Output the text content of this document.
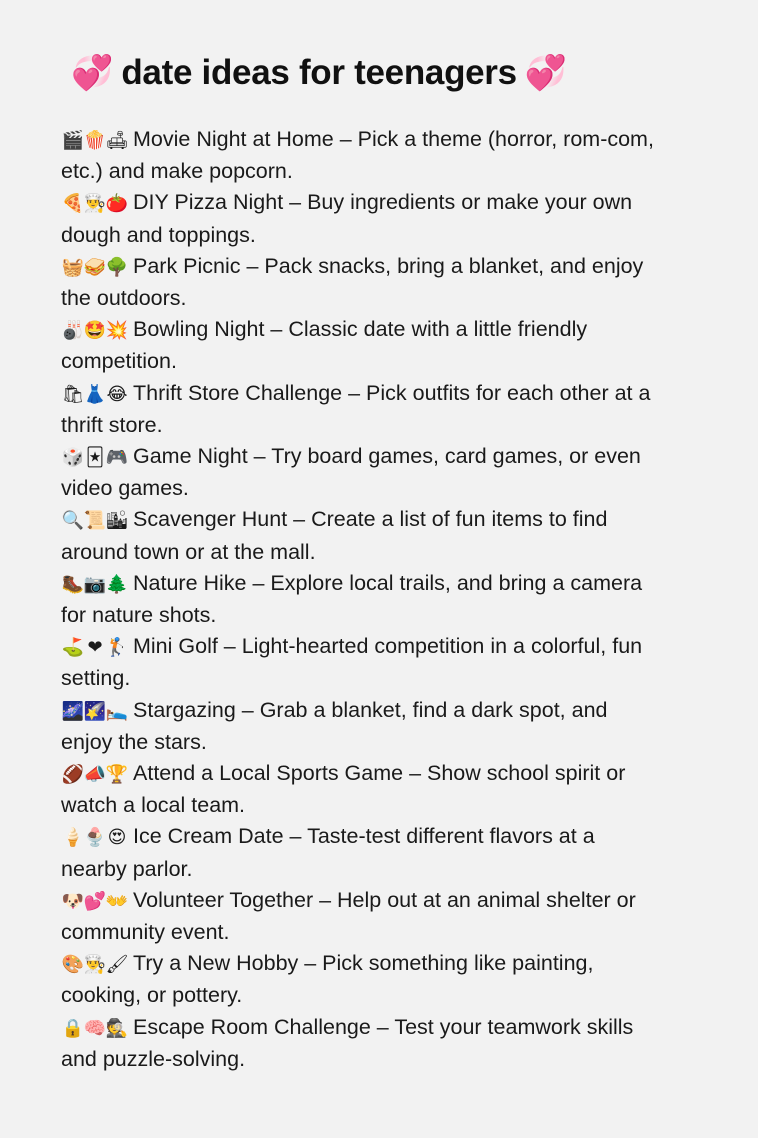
💞 date ideas for teenagers 💞
🎬🍿🛋 Movie Night at Home – Pick a theme (horror, rom-com, etc.) and make popcorn.
🍕👨‍🍳🍅 DIY Pizza Night – Buy ingredients or make your own dough and toppings.
🧺🥪🌳 Park Picnic – Pack snacks, bring a blanket, and enjoy the outdoors.
🎳🤩💥 Bowling Night – Classic date with a little friendly competition.
🛍👗 😂 Thrift Store Challenge – Pick outfits for each other at a thrift store.
🎲 🃏 🎮 Game Night – Try board games, card games, or even video games.
🔍📜🏙 Scavenger Hunt – Create a list of fun items to find around town or at the mall.
🥾📷🌲 Nature Hike – Explore local trails, and bring a camera for nature shots.
⛳ ❤ 🏌 Mini Golf – Light-hearted competition in a colorful, fun setting.
🌌🌠🛌 Stargazing – Grab a blanket, find a dark spot, and enjoy the stars.
🏈📣🏆 Attend a Local Sports Game – Show school spirit or watch a local team.
🍦🍨 😍 Ice Cream Date – Taste-test different flavors at a nearby parlor.
🐶💕👐 Volunteer Together – Help out at an animal shelter or community event.
🎨👨‍🍳🖌 Try a New Hobby – Pick something like painting, cooking, or pottery.
🔒🧠🕵 Escape Room Challenge – Test your teamwork skills and puzzle-solving.
